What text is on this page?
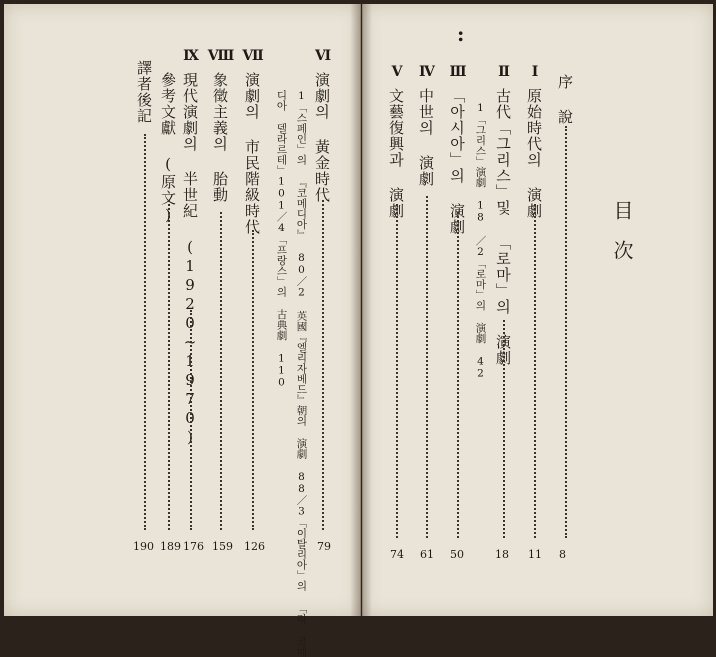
目
次
:
序 說
8
Ⅰ
原始時代의 演劇
11
Ⅱ
古代「그리스」및 「로마」의 演劇
18
1「그리스」演劇 18 ／2「로마」의 演劇 42
Ⅲ
「아시아」의 演劇
50
Ⅳ
中世의 演劇
61
Ⅴ
文藝復興과 演劇
74
Ⅵ
演劇의 黃金時代
79
1「스페인」의 『코메디아』 80／2 英國『엘리자베드』朝의 演劇 88／3「이탈리아」의 「라 코메
디아 델라르테」101／4「프랑스」의 古典劇 110
Ⅶ
演劇의 市民階級時代
126
Ⅷ
象徵主義의 胎動
159
Ⅸ
現代演劇의 半世紀 (1920~1970)
176
參考文獻 (原文)
189
譯者後記
190
